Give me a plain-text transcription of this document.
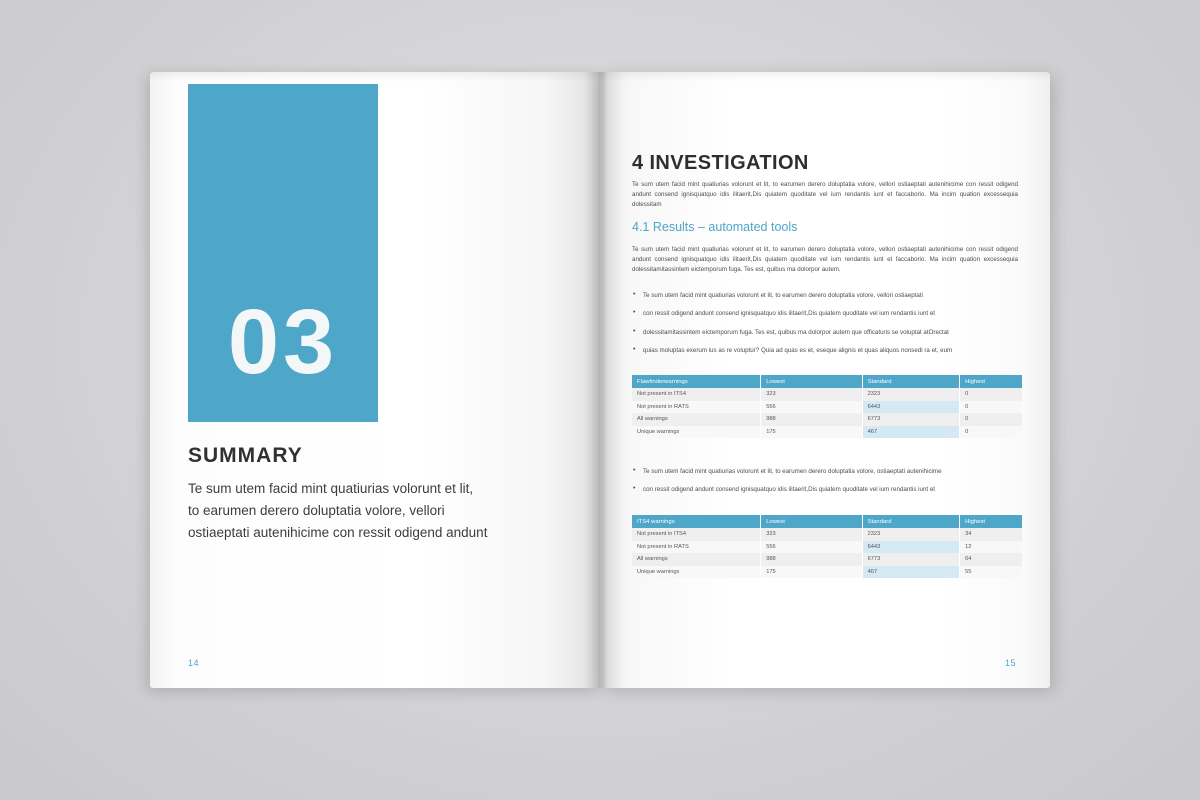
03
SUMMARY
Te sum utem facid mint quatiurias volorunt et lit, to earumen derero doluptatia volore, vellori ostiaeptati autenihicime con ressit odigend andunt
14
4 INVESTIGATION
Te sum utem facid mint quatiurias volorunt et lit, to earumen derero doluptatia volore, vellori ostiaeptati autenihicime con ressit odigend andunt consend ignisquatquo idis ilitaerit,Dis quiatem quoditate vel ium rendantis iunt et faccaborio. Ma incim quation excessequia dolessitam
4.1 Results – automated tools
Te sum utem facid mint quatiurias volorunt et lit, to earumen derero doluptatia volore, vellori ostiaeptati autenihicime con ressit odigend andunt consend ignisquatquo idis ilitaerit,Dis quiatem quoditate vel ium rendantis iunt et faccaborio. Ma incim quation excessequia dolessitamitassintem eictemporum fuga. Tes est, quibus ma dolorpor autem.
• Te sum utem facid mint quatiurias volorunt et lit, to earumen derero doluptatia volore, vellori ostiaeptati
• con ressit odigend andunt consend ignisquatquo idis ilitaerit,Dis quiatem quoditate vel ium rendantis iunt et
• dolessitamitassintem eictemporum fuga. Tes est, quibus ma dolorpor autem que officaturis se voluptat atOrectat
• quias moluptas exerum ius as re voluptur? Quia ad quas es et, eseque alignis et quas aliquos nonsedi ra et, eum
Flawfinderwarnings	Lowest	Standard	Highest
Not present in ITS4	323	2323	0
Not present in RATS	556	6443	0
All warnings	988	6773	0
Unique warnings	175	467	0
• Te sum utem facid mint quatiurias volorunt et lit, to earumen derero doluptatia volore, ostiaeptati autenihicime
• con ressit odigend andunt consend ignisquatquo idis ilitaerit,Dis quiatem quoditate vel ium rendantis iunt et
ITS4 warnings	Lowest	Standard	Highest
Not present in ITS4	323	2323	34
Not present in RATS	556	6443	12
All warnings	988	6773	64
Unique warnings	175	467	55
15
